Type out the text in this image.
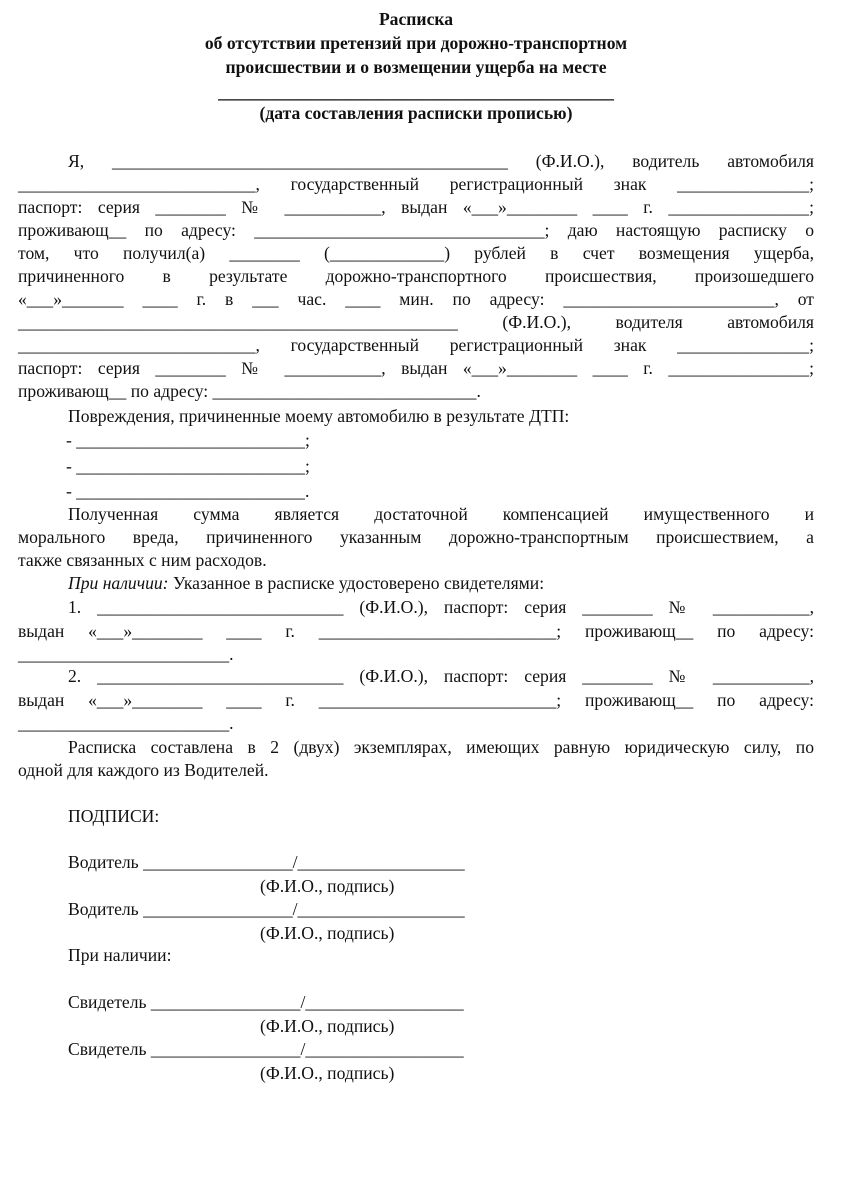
Расписка
об отсутствии претензий при дорожно-транспортном
происшествии и о возмещении ущерба на месте
_____________________________________________
(дата составления расписки прописью)
Я, _____________________________________________ (Ф.И.О.), водитель автомобиля
___________________________, государственный регистрационный знак _______________;
паспорт: серия ________ № ___________, выдан «___»________ ____ г. ________________;
проживающ__ по адресу: _________________________________; даю настоящую расписку о
том, что получил(а) ________ (_____________) рублей в счет возмещения ущерба,
причиненного в результате дорожно-транспортного происшествия, произошедшего
«___»_______ ____ г. в ___ час. ____ мин. по адресу: ________________________, от
__________________________________________________ (Ф.И.О.), водителя автомобиля
___________________________, государственный регистрационный знак _______________;
паспорт: серия ________ № ___________, выдан «___»________ ____ г. ________________;
проживающ__ по адресу: ______________________________.
Повреждения, причиненные моему автомобилю в результате ДТП:
- __________________________;
- __________________________;
- __________________________.
Полученная сумма является достаточной компенсацией имущественного и
морального вреда, причиненного указанным дорожно-транспортным происшествием, а
также связанных с ним расходов.
При наличии: Указанное в расписке удостоверено свидетелями:
1. ____________________________ (Ф.И.О.), паспорт: серия ________ № ___________,
выдан «___»________ ____ г. ___________________________; проживающ__ по адресу:
________________________.
2. ____________________________ (Ф.И.О.), паспорт: серия ________ № ___________,
выдан «___»________ ____ г. ___________________________; проживающ__ по адресу:
________________________.
Расписка составлена в 2 (двух) экземплярах, имеющих равную юридическую силу, по
одной для каждого из Водителей.
ПОДПИСИ:
Водитель _________________/___________________
(Ф.И.О., подпись)
Водитель _________________/___________________
(Ф.И.О., подпись)
При наличии:
Свидетель _________________/__________________
(Ф.И.О., подпись)
Свидетель _________________/__________________
(Ф.И.О., подпись)
